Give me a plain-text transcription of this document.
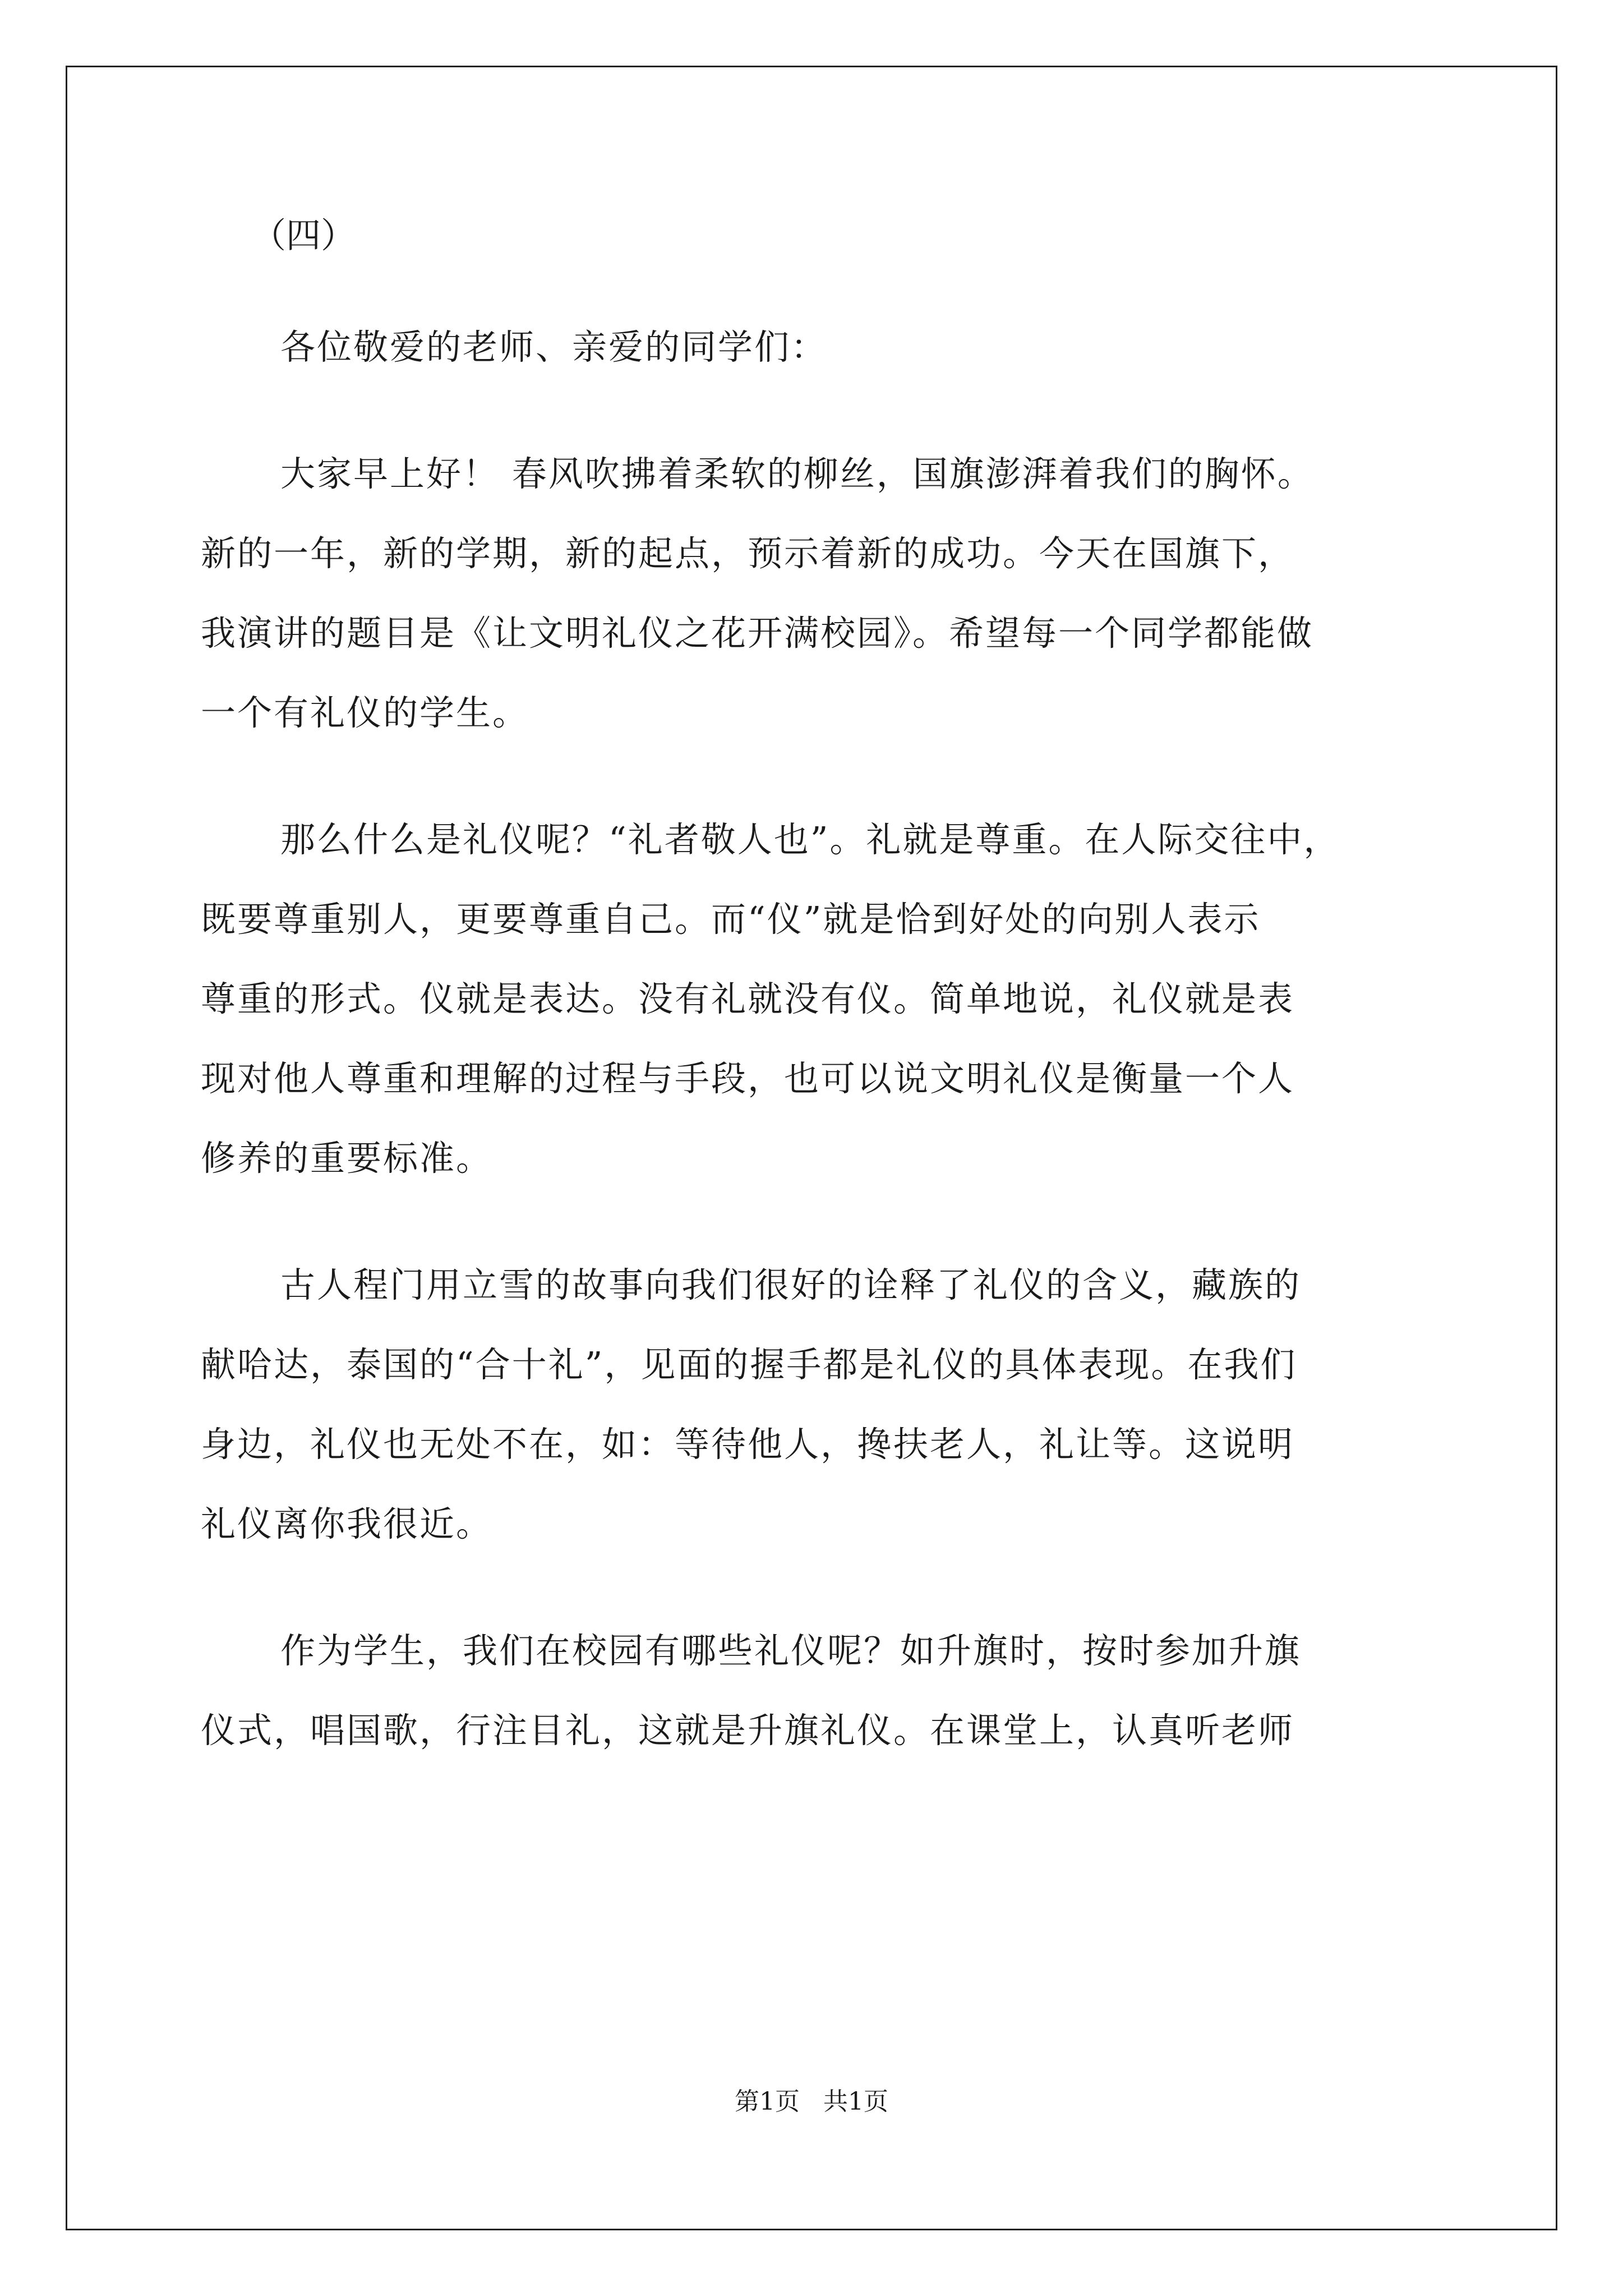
（四）

各位敬爱的老师、亲爱的同学们：

大家早上好！ 春风吹拂着柔软的柳丝，国旗澎湃着我们的胸怀。
新的一年，新的学期，新的起点，预示着新的成功。今天在国旗下，
我演讲的题目是《让文明礼仪之花开满校园》。希望每一个同学都能做
一个有礼仪的学生。

那么什么是礼仪呢？“礼者敬人也”。礼就是尊重。在人际交往中，
既要尊重别人，更要尊重自己。而“仪”就是恰到好处的向别人表示
尊重的形式。仪就是表达。没有礼就没有仪。简单地说，礼仪就是表
现对他人尊重和理解的过程与手段，也可以说文明礼仪是衡量一个人
修养的重要标准。

古人程门用立雪的故事向我们很好的诠释了礼仪的含义，藏族的
献哈达，泰国的“合十礼”，见面的握手都是礼仪的具体表现。在我们
身边，礼仪也无处不在，如：等待他人，搀扶老人，礼让等。这说明
礼仪离你我很近。

作为学生，我们在校园有哪些礼仪呢？如升旗时，按时参加升旗
仪式，唱国歌，行注目礼，这就是升旗礼仪。在课堂上，认真听老师

第1页   共1页
